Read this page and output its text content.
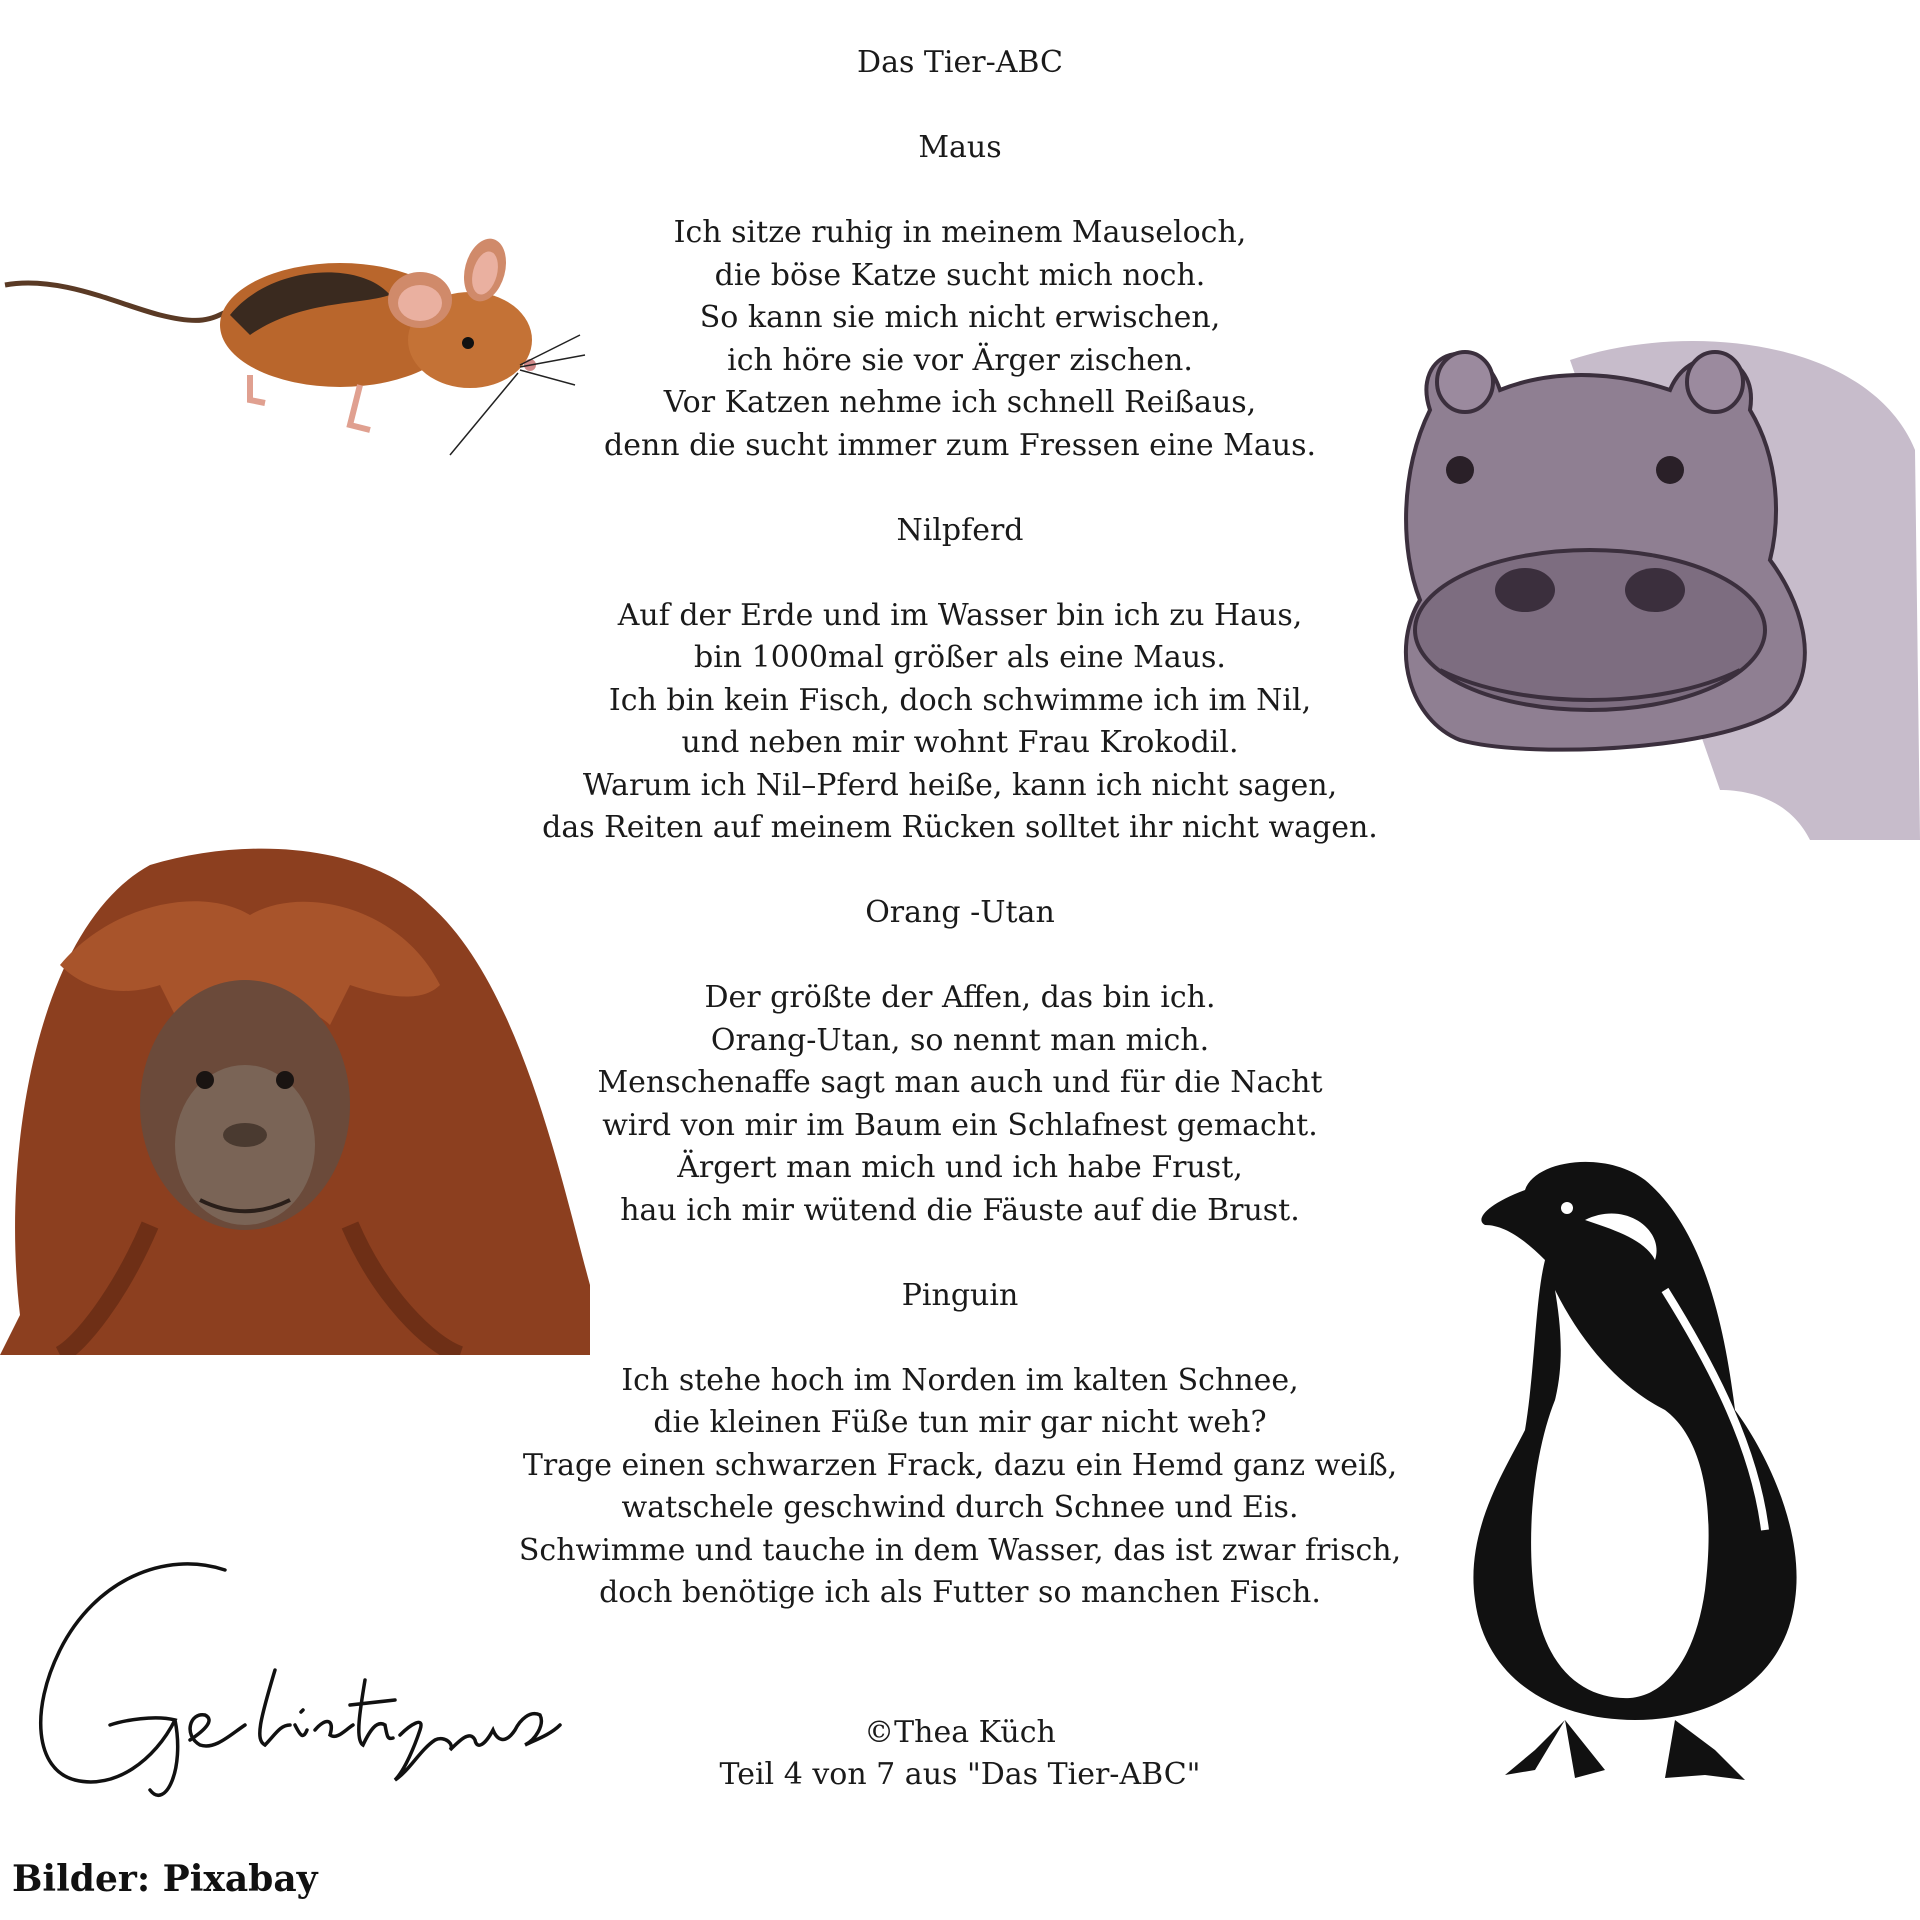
Das Tier-ABC
Maus
Ich sitze ruhig in meinem Mauseloch,
die böse Katze sucht mich noch.
So kann sie mich nicht erwischen,
ich höre sie vor Ärger zischen.
Vor Katzen nehme ich schnell Reißaus,
denn die sucht immer zum Fressen eine Maus.
Nilpferd
Auf der Erde und im Wasser bin ich zu Haus,
bin 1000mal größer als eine Maus.
Ich bin kein Fisch, doch schwimme ich im Nil,
und neben mir wohnt Frau Krokodil.
Warum ich Nil–Pferd heiße, kann ich nicht sagen,
das Reiten auf meinem Rücken solltet ihr nicht wagen.
Orang -Utan
Der größte der Affen, das bin ich.
Orang-Utan, so nennt man mich.
Menschenaffe sagt man auch und für die Nacht
wird von mir im Baum ein Schlafnest gemacht.
Ärgert man mich und ich habe Frust,
hau ich mir wütend die Fäuste auf die Brust.
Pinguin
Ich stehe hoch im Norden im kalten Schnee,
die kleinen Füße tun mir gar nicht weh?
Trage einen schwarzen Frack, dazu ein Hemd ganz weiß,
watschele geschwind durch Schnee und Eis.
Schwimme und tauche in dem Wasser, das ist zwar frisch,
doch benötige ich als Futter so manchen Fisch.
©Thea Küch
Teil 4 von 7 aus "Das Tier-ABC"
Bilder: Pixabay
